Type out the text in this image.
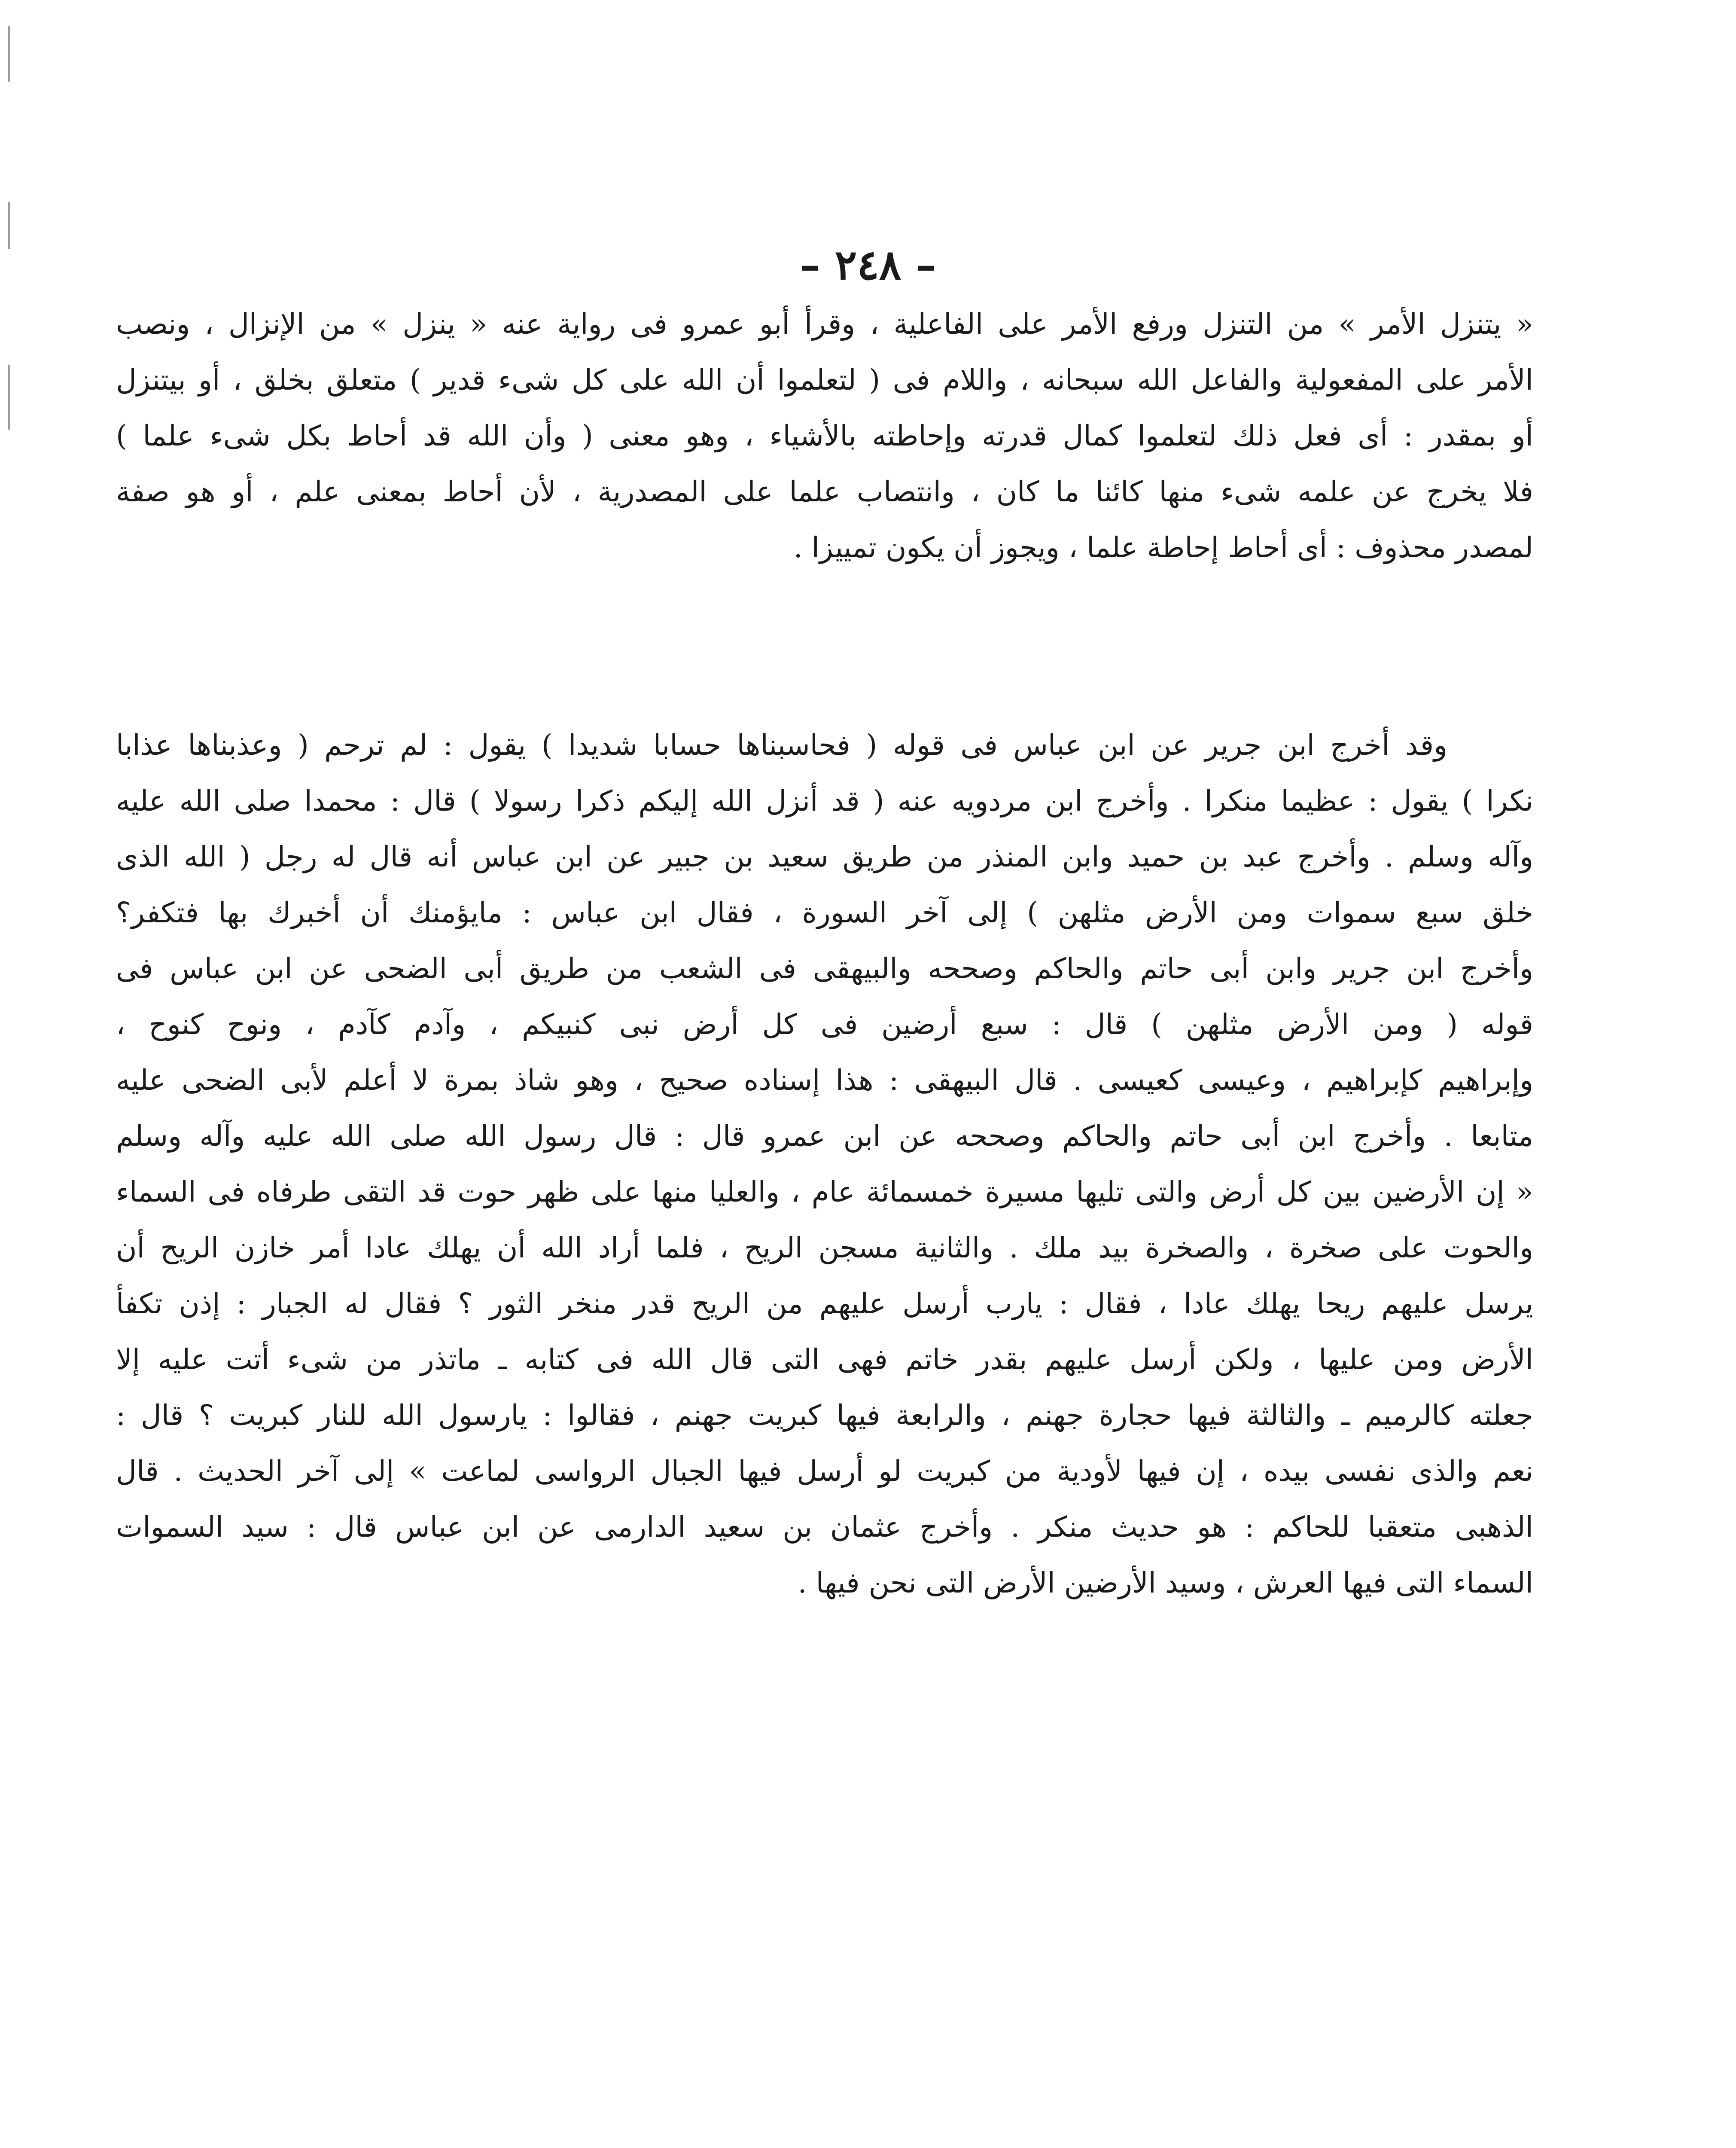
– ٢٤٨ –
« يتنزل الأمر » من التنزل ورفع الأمر على الفاعلية ، وقرأ أبو عمرو فى رواية عنه « ينزل » من الإنزال ، ونصب
الأمر على المفعولية والفاعل الله سبحانه ، واللام فى ( لتعلموا أن الله على كل شىء قدير ) متعلق بخلق ، أو بيتنزل
أو بمقدر : أى فعل ذلك لتعلموا كمال قدرته وإحاطته بالأشياء ، وهو معنى ( وأن الله قد أحاط بكل شىء علما )
فلا يخرج عن علمه شىء منها كائنا ما كان ، وانتصاب علما على المصدرية ، لأن أحاط بمعنى علم ، أو هو صفة
لمصدر محذوف : أى أحاط إحاطة علما ، ويجوز أن يكون تمييزا .
وقد أخرج ابن جرير عن ابن عباس فى قوله ( فحاسبناها حسابا شديدا ) يقول : لم ترحم ( وعذبناها عذابا
نكرا ) يقول : عظيما منكرا . وأخرج ابن مردويه عنه ( قد أنزل الله إليكم ذكرا رسولا ) قال : محمدا صلى الله عليه
وآله وسلم . وأخرج عبد بن حميد وابن المنذر من طريق سعيد بن جبير عن ابن عباس أنه قال له رجل ( الله الذى
خلق سبع سموات ومن الأرض مثلهن ) إلى آخر السورة ، فقال ابن عباس : مايؤمنك أن أخبرك بها فتكفر؟
وأخرج ابن جرير وابن أبى حاتم والحاكم وصححه والبيهقى فى الشعب من طريق أبى الضحى عن ابن عباس فى
قوله ( ومن الأرض مثلهن ) قال : سبع أرضين فى كل أرض نبى كنبيكم ، وآدم كآدم ، ونوح كنوح ،
وإبراهيم كإبراهيم ، وعيسى كعيسى . قال البيهقى : هذا إسناده صحيح ، وهو شاذ بمرة لا أعلم لأبى الضحى عليه
متابعا . وأخرج ابن أبى حاتم والحاكم وصححه عن ابن عمرو قال : قال رسول الله صلى الله عليه وآله وسلم
« إن الأرضين بين كل أرض والتى تليها مسيرة خمسمائة عام ، والعليا منها على ظهر حوت قد التقى طرفاه فى السماء
والحوت على صخرة ، والصخرة بيد ملك . والثانية مسجن الريح ، فلما أراد الله أن يهلك عادا أمر خازن الريح أن
يرسل عليهم ريحا يهلك عادا ، فقال : يارب أرسل عليهم من الريح قدر منخر الثور ؟ فقال له الجبار : إذن تكفأ
الأرض ومن عليها ، ولكن أرسل عليهم بقدر خاتم فهى التى قال الله فى كتابه ـ ماتذر من شىء أتت عليه إلا
جعلته كالرميم ـ والثالثة فيها حجارة جهنم ، والرابعة فيها كبريت جهنم ، فقالوا : يارسول الله للنار كبريت ؟ قال :
نعم والذى نفسى بيده ، إن فيها لأودية من كبريت لو أرسل فيها الجبال الرواسى لماعت » إلى آخر الحديث . قال
الذهبى متعقبا للحاكم : هو حديث منكر . وأخرج عثمان بن سعيد الدارمى عن ابن عباس قال : سيد السموات
السماء التى فيها العرش ، وسيد الأرضين الأرض التى نحن فيها .
